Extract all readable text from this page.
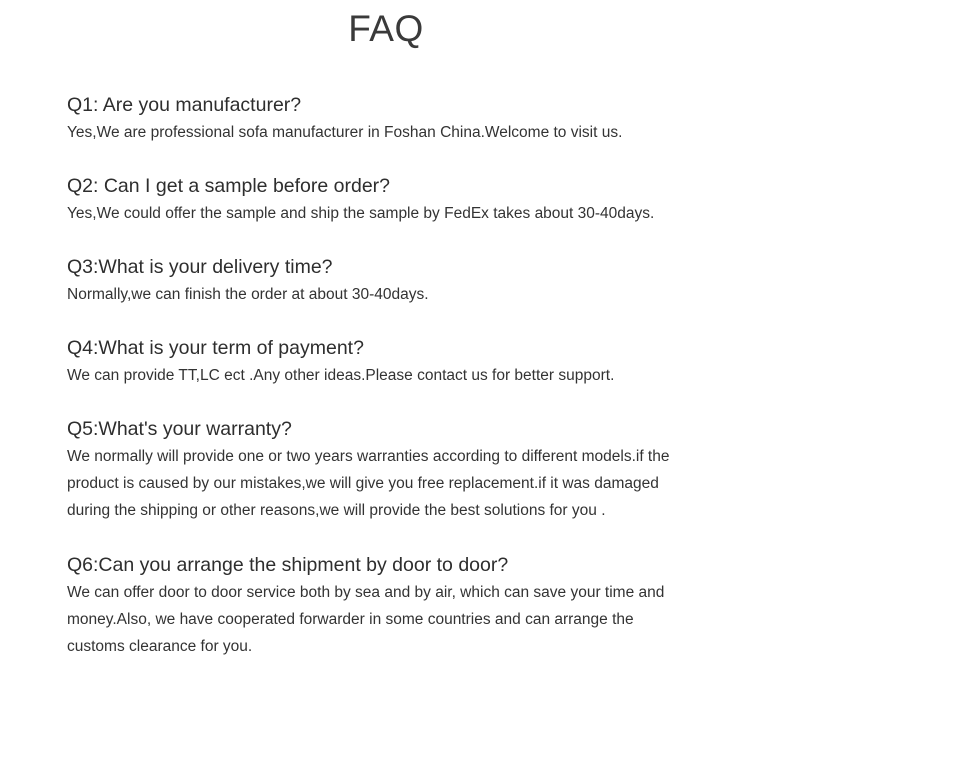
FAQ
Q1: Are you manufacturer?
Yes,We are professional sofa manufacturer in Foshan China.Welcome to visit us.
Q2: Can I get a sample before order?
Yes,We could offer the sample and ship the sample by FedEx takes about 30-40days.
Q3:What is your delivery time?
Normally,we can finish the order at about 30-40days.
Q4:What is your term of payment?
We can provide TT,LC ect .Any other ideas.Please contact us for better support.
Q5:What's your warranty?
We normally will provide one or two years warranties according to different models.if the
product is caused by our mistakes,we will give you free replacement.if it was damaged
during the shipping or other reasons,we will provide the best solutions for you .
Q6:Can you arrange the shipment by door to door?
We can offer door to door service both by sea and by air, which can save your time and
money.Also, we have cooperated forwarder in some countries and can arrange the
customs clearance for you.
